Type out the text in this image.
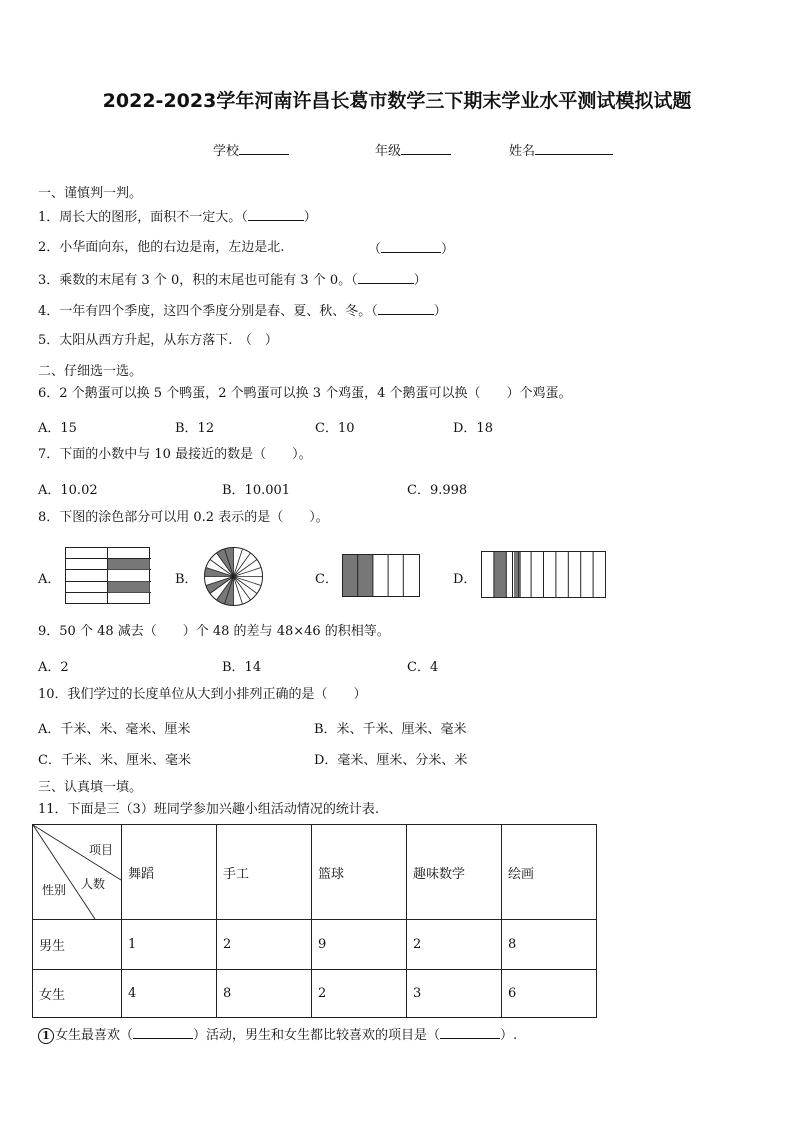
2022-2023学年河南许昌长葛市数学三下期末学业水平测试模拟试题
学校	年级	姓名
一、谨慎判一判。
1．周长大的图形，面积不一定大。（	）
2．小华面向东，他的右边是南，左边是北.	（	）
3．乘数的末尾有 3 个 0，积的末尾也可能有 3 个 0。（	）
4．一年有四个季度，这四个季度分别是春、夏、秋、冬。（	）
5．太阳从西方升起，从东方落下.　（　）
二、仔细选一选。
6．2 个鹅蛋可以换 5 个鸭蛋，2 个鸭蛋可以换 3 个鸡蛋，4 个鹅蛋可以换（　　）个鸡蛋。
A．15	B．12	C．10	D．18
7．下面的小数中与 10 最接近的数是（　　）。
A．10.02	B．10.001	C．9.998
8．下图的涂色部分可以用 0.2 表示的是（　　）。
A．	B．	C．	D．
9．50 个 48 减去（　　）个 48 的差与 48×46 的积相等。
A．2	B．14	C．4
10．我们学过的长度单位从大到小排列正确的是（　　）
A．千米、米、毫米、厘米	B．米、千米、厘米、毫米
C．千米、米、厘米、毫米	D．毫米、厘米、分米、米
三、认真填一填。
11．下面是三（3）班同学参加兴趣小组活动情况的统计表.
项目
人数
性别	舞蹈	手工	篮球	趣味数学	绘画
男生	1	2	9	2	8
女生	4	8	2	3	6
1 女生最喜欢（	）活动，男生和女生都比较喜欢的项目是（	）.
